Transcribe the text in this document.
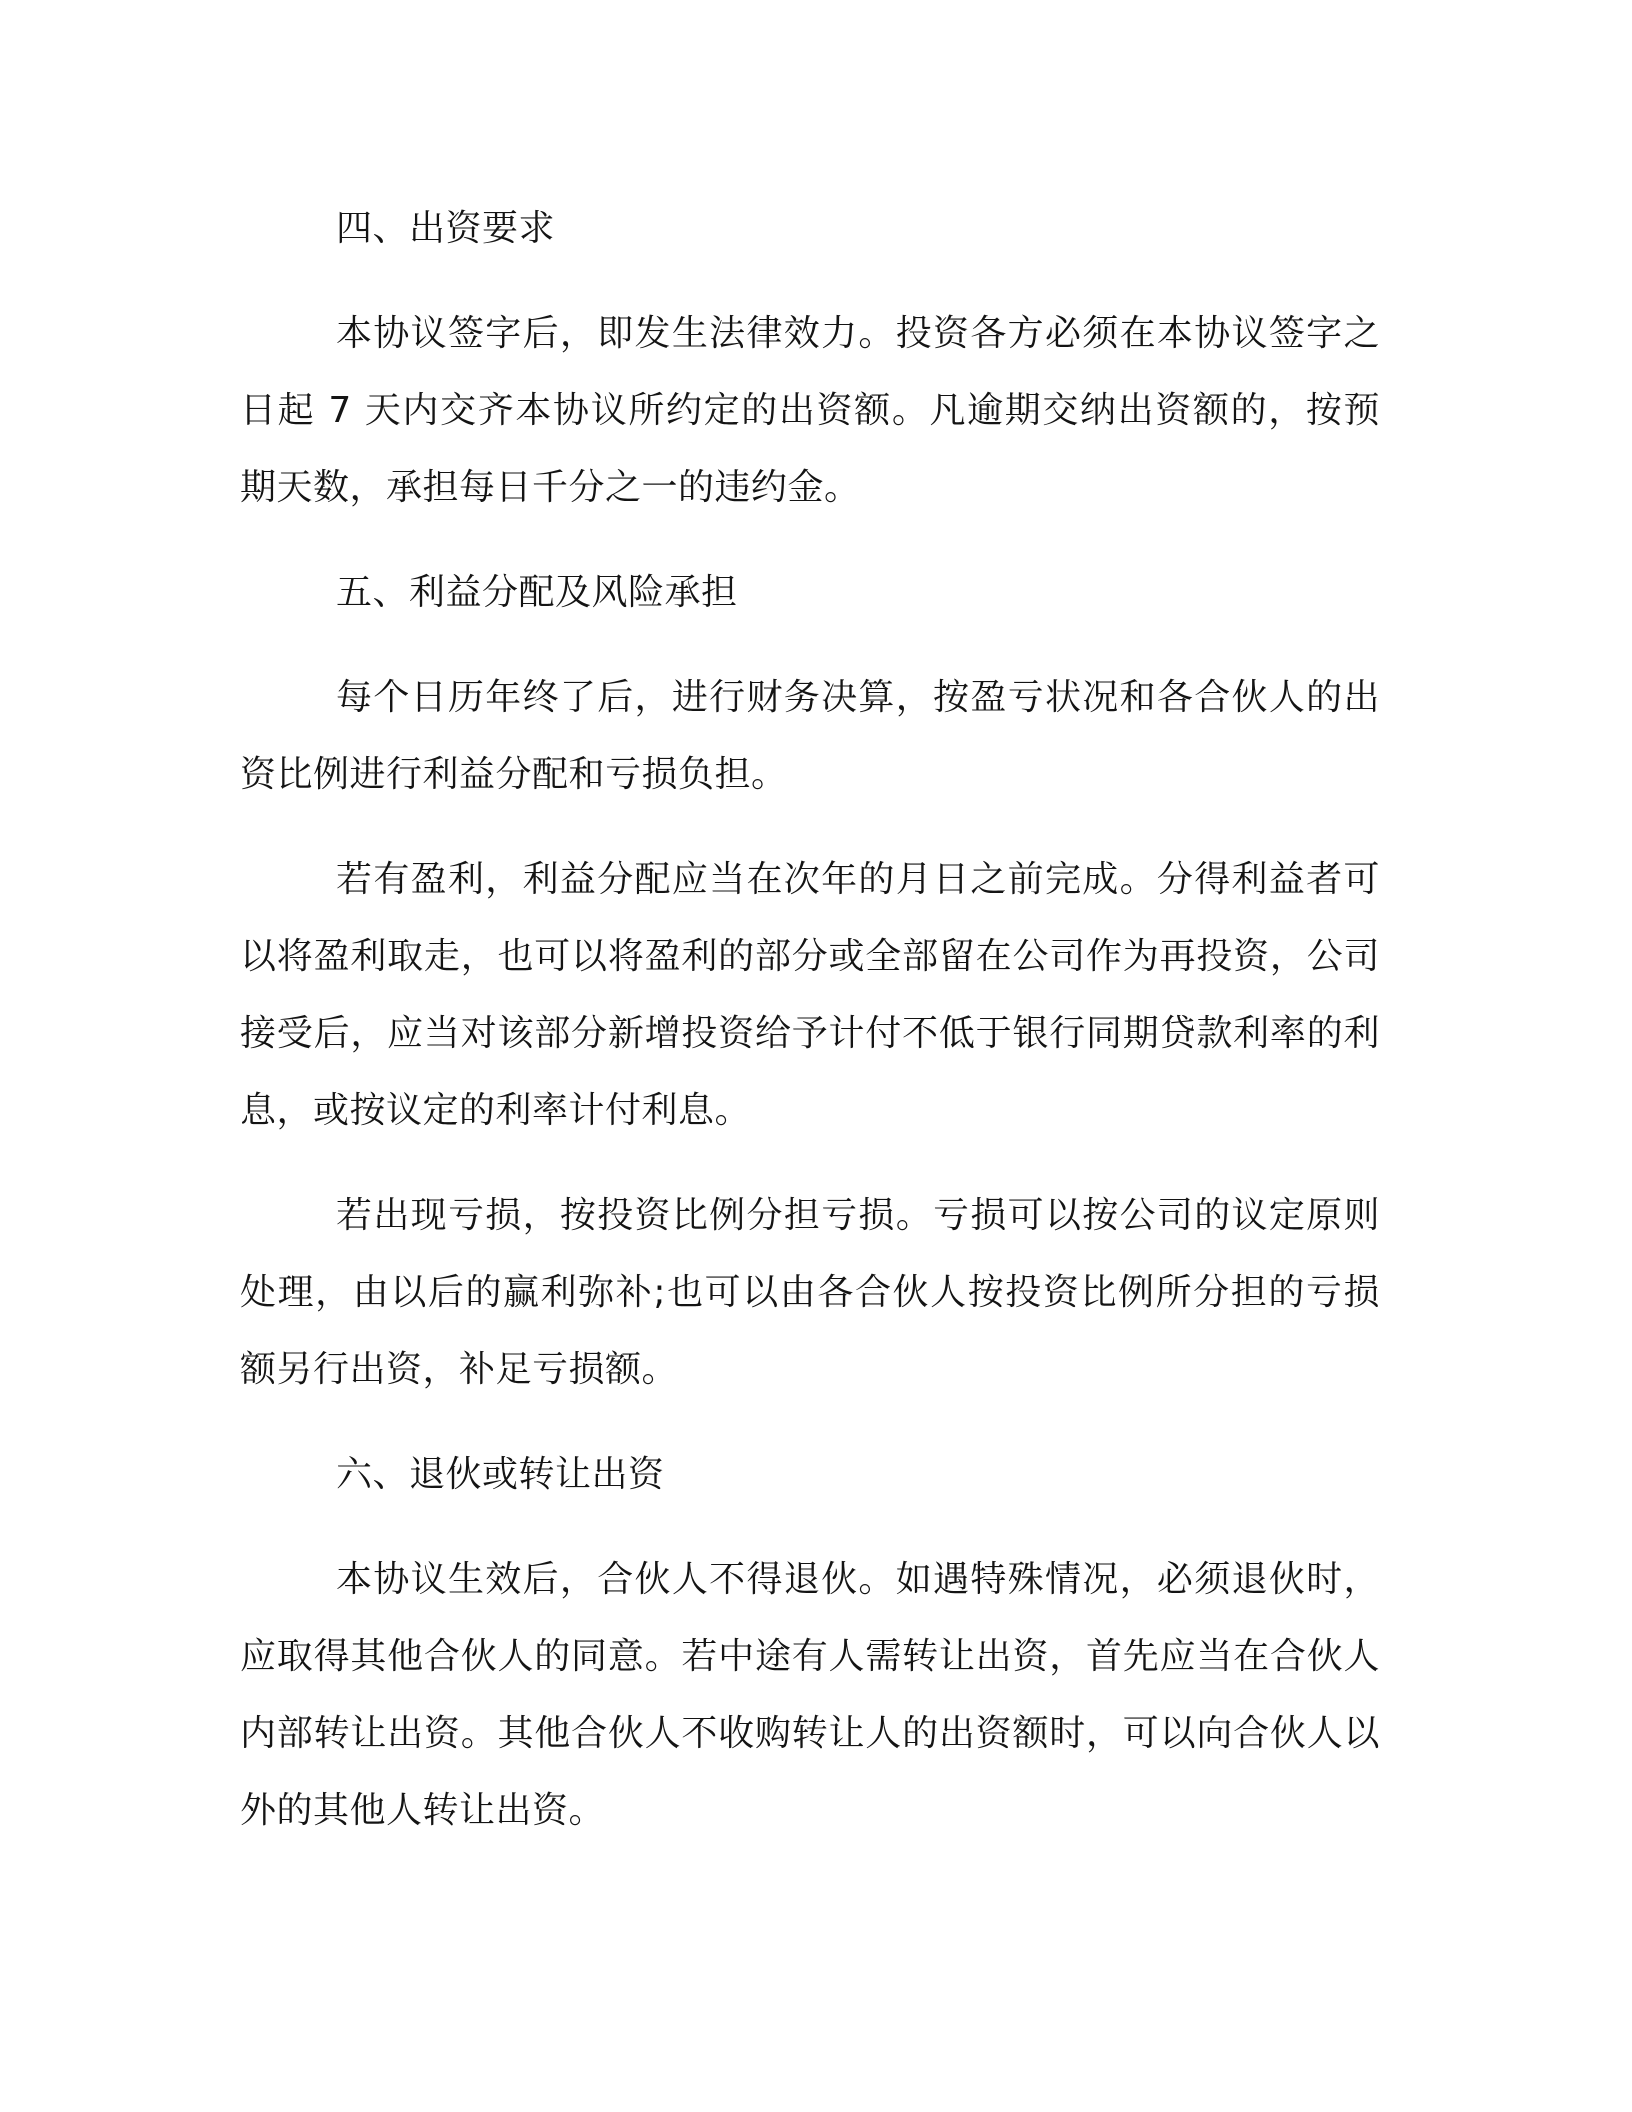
四、出资要求

本协议签字后，即发生法律效力。投资各方必须在本协议签字之日起 7 天内交齐本协议所约定的出资额。凡逾期交纳出资额的，按预期天数，承担每日千分之一的违约金。

五、利益分配及风险承担

每个日历年终了后，进行财务决算，按盈亏状况和各合伙人的出资比例进行利益分配和亏损负担。

若有盈利，利益分配应当在次年的月日之前完成。分得利益者可以将盈利取走，也可以将盈利的部分或全部留在公司作为再投资，公司接受后，应当对该部分新增投资给予计付不低于银行同期贷款利率的利息，或按议定的利率计付利息。

若出现亏损，按投资比例分担亏损。亏损可以按公司的议定原则处理，由以后的赢利弥补;也可以由各合伙人按投资比例所分担的亏损额另行出资，补足亏损额。

六、退伙或转让出资

本协议生效后，合伙人不得退伙。如遇特殊情况，必须退伙时，应取得其他合伙人的同意。若中途有人需转让出资，首先应当在合伙人内部转让出资。其他合伙人不收购转让人的出资额时，可以向合伙人以外的其他人转让出资。
